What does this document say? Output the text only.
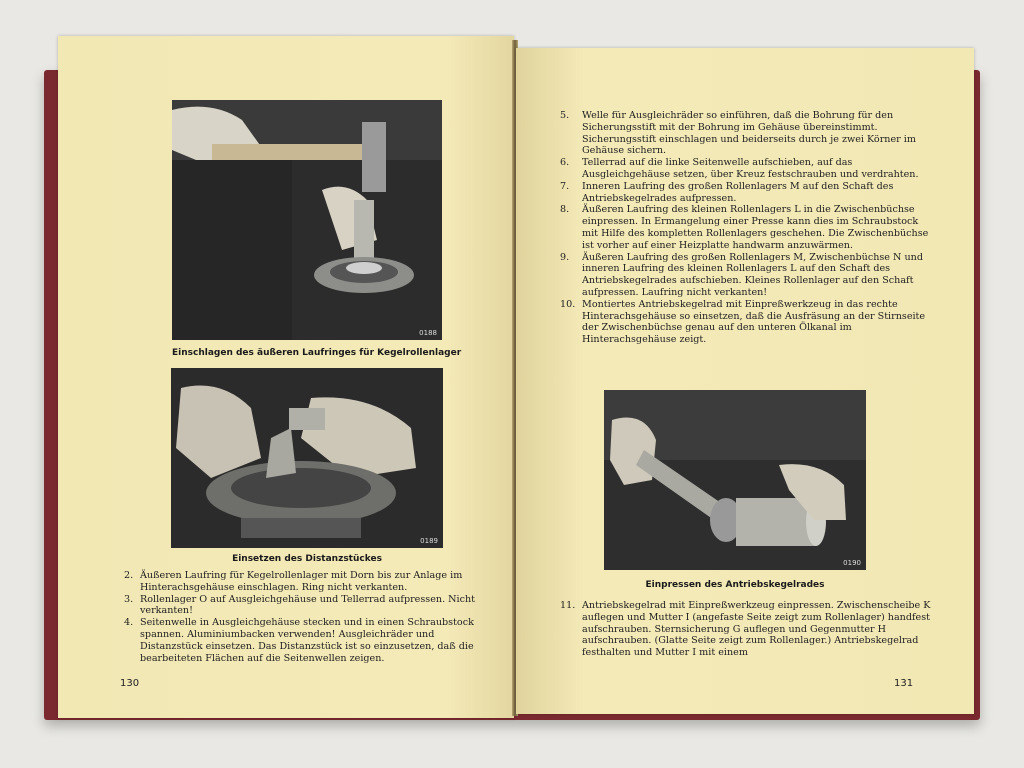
0188
Einschlagen des äußeren Laufringes für Kegelrollenlager
0189
Einsetzen des Distanzstückes
2. Äußeren Laufring für Kegelrollenlager mit Dorn bis zur Anlage im Hinterachsgehäuse einschlagen. Ring nicht verkanten.
3. Rollenlager O auf Ausgleichgehäuse und Tellerrad aufpressen. Nicht verkanten!
4. Seitenwelle in Ausgleichgehäuse stecken und in einen Schraubstock spannen. Aluminiumbacken verwenden! Ausgleichräder und Distanzstück einsetzen. Das Distanzstück ist so einzusetzen, daß die bearbeiteten Flächen auf die Seitenwellen zeigen.
130
5. Welle für Ausgleichräder so einführen, daß die Bohrung für den Sicherungsstift mit der Bohrung im Gehäuse übereinstimmt. Sicherungsstift einschlagen und beiderseits durch je zwei Körner im Gehäuse sichern.
6. Tellerrad auf die linke Seitenwelle aufschieben, auf das Ausgleichgehäuse setzen, über Kreuz festschrauben und verdrahten.
7. Inneren Laufring des großen Rollenlagers M auf den Schaft des Antriebskegelrades aufpressen.
8. Äußeren Laufring des kleinen Rollenlagers L in die Zwischenbüchse einpressen. In Ermangelung einer Presse kann dies im Schraubstock mit Hilfe des kompletten Rollenlagers geschehen. Die Zwischenbüchse ist vorher auf einer Heizplatte handwarm anzuwärmen.
9. Äußeren Laufring des großen Rollenlagers M, Zwischenbüchse N und inneren Laufring des kleinen Rollenlagers L auf den Schaft des Antriebskegelrades aufschieben. Kleines Rollenlager auf den Schaft aufpressen. Laufring nicht verkanten!
10. Montiertes Antriebskegelrad mit Einpreßwerkzeug in das rechte Hinterachsgehäuse so einsetzen, daß die Ausfräsung an der Stirnseite der Zwischenbüchse genau auf den unteren Ölkanal im Hinterachsgehäuse zeigt.
0190
Einpressen des Antriebskegelrades
11. Antriebskegelrad mit Einpreßwerkzeug einpressen. Zwischenscheibe K auflegen und Mutter I (angefaste Seite zeigt zum Rollenlager) handfest aufschrauben. Sternsicherung G auflegen und Gegenmutter H aufschrauben. (Glatte Seite zeigt zum Rollenlager.) Antriebskegelrad festhalten und Mutter I mit einem
131
